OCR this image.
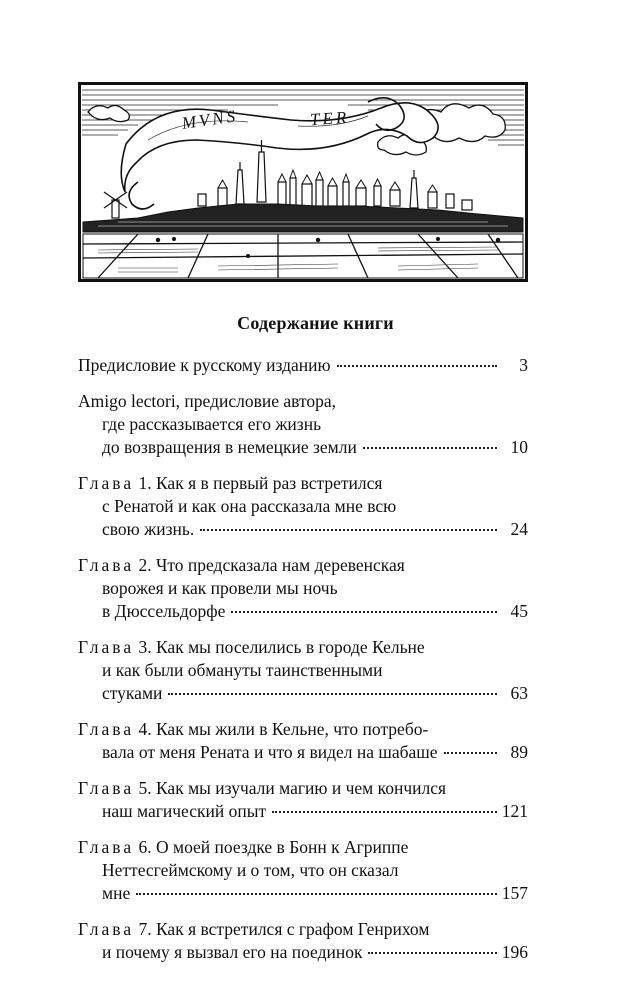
MVNS	TER
Содержание книги
Предисловие к русскому изданию	3
Amigo lectori, предисловие автора,
где рассказывается его жизнь
до возвращения в немецкие земли	10
Глава 1. Как я в первый раз встретился
с Ренатой и как она рассказала мне всю
свою жизнь.	24
Глава 2. Что предсказала нам деревенская
ворожея и как провели мы ночь
в Дюссельдорфе	45
Глава 3. Как мы поселились в городе Кельне
и как были обмануты таинственными
стуками	63
Глава 4. Как мы жили в Кельне, что потребо-
вала от меня Рената и что я видел на шабаше	89
Глава 5. Как мы изучали магию и чем кончился
наш магический опыт	121
Глава 6. О моей поездке в Бонн к Агриппе
Неттесгеймскому и о том, что он сказал
мне	157
Глава 7. Как я встретился с графом Генрихом
и почему я вызвал его на поединок	196
